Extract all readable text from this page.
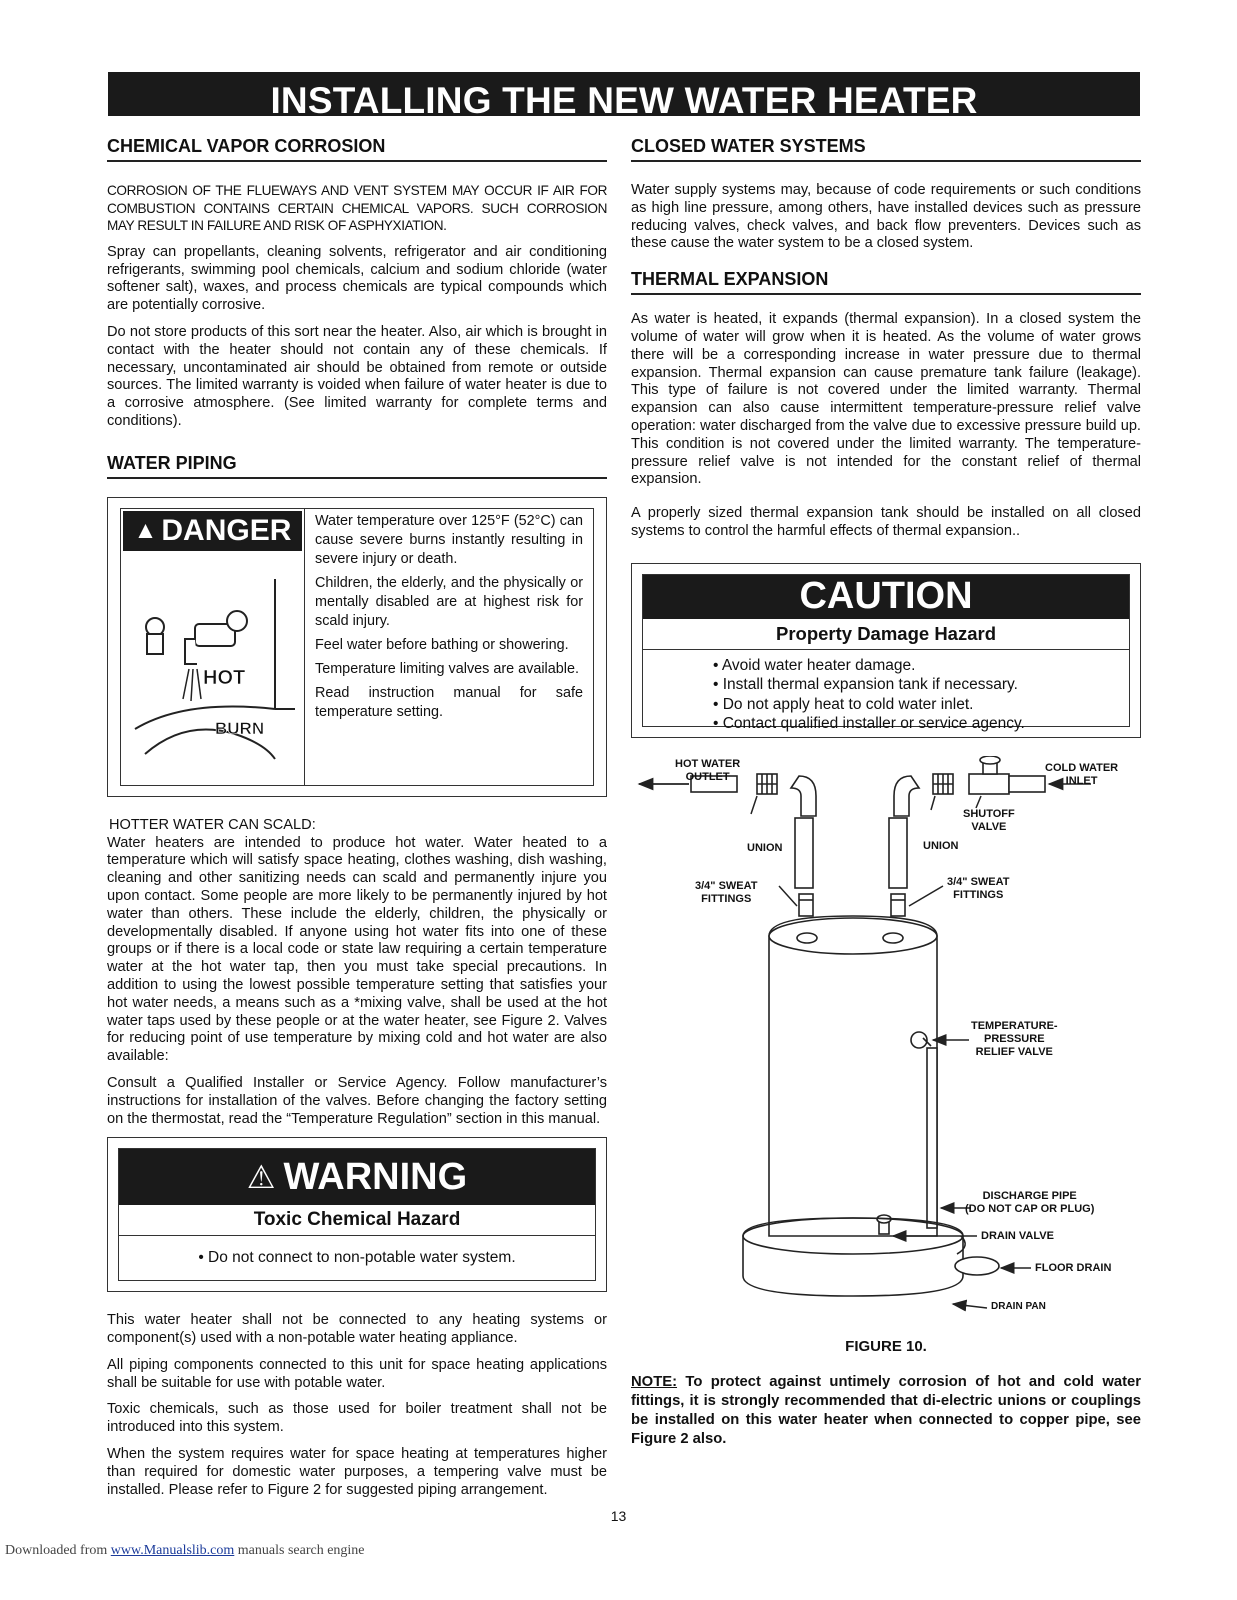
INSTALLING THE NEW WATER HEATER
CHEMICAL VAPOR CORROSION

CORROSION OF THE FLUEWAYS AND VENT SYSTEM MAY OCCUR IF AIR FOR COMBUSTION CONTAINS CERTAIN CHEMICAL VAPORS. SUCH CORROSION MAY RESULT IN FAILURE AND RISK OF ASPHYXIATION.

Spray can propellants, cleaning solvents, refrigerator and air conditioning refrigerants, swimming pool chemicals, calcium and sodium chloride (water softener salt), waxes, and process chemicals are typical compounds which are potentially corrosive.

Do not store products of this sort near the heater. Also, air which is brought in contact with the heater should not contain any of these chemicals. If necessary, uncontaminated air should be obtained from remote or outside sources. The limited warranty is voided when failure of water heater is due to a corrosive atmosphere. (See limited warranty for complete terms and conditions).

WATER PIPING
▲ DANGER
HOT
BURN

Water temperature over 125°F (52°C) can cause severe burns instantly resulting in severe injury or death.

Children, the elderly, and the physically or mentally disabled are at highest risk for scald injury.

Feel water before bathing or showering.

Temperature limiting valves are available.

Read instruction manual for safe temperature setting.

HOTTER WATER CAN SCALD:

Water heaters are intended to produce hot water. Water heated to a temperature which will satisfy space heating, clothes washing, dish washing, cleaning and other sanitizing needs can scald and permanently injure you upon contact. Some people are more likely to be permanently injured by hot water than others. These include the elderly, children, the physically or developmentally disabled. If anyone using hot water fits into one of these groups or if there is a local code or state law requiring a certain temperature water at the hot water tap, then you must take special precautions. In addition to using the lowest possible temperature setting that satisfies your hot water needs, a means such as a *mixing valve, shall be used at the hot water taps used by these people or at the water heater, see Figure 2. Valves for reducing point of use temperature by mixing cold and hot water are also available:

Consult a Qualified Installer or Service Agency. Follow manufacturer’s instructions for installation of the valves. Before changing the factory setting on the thermostat, read the “Temperature Regulation” section in this manual.

⚠ WARNING
Toxic Chemical Hazard
• Do not connect to non-potable water system.

This water heater shall not be connected to any heating systems or component(s) used with a non-potable water heating appliance.

All piping components connected to this unit for space heating applications shall be suitable for use with potable water.

Toxic chemicals, such as those used for boiler treatment shall not be introduced into this system.

When the system requires water for space heating at temperatures higher than required for domestic water purposes, a tempering valve must be installed. Please refer to Figure 2 for suggested piping arrangement.

CLOSED WATER SYSTEMS

Water supply systems may, because of code requirements or such conditions as high line pressure, among others, have installed devices such as pressure reducing valves, check valves, and back flow preventers. Devices such as these cause the water system to be a closed system.

THERMAL EXPANSION

As water is heated, it expands (thermal expansion). In a closed system the volume of water will grow when it is heated. As the volume of water grows there will be a corresponding increase in water pressure due to thermal expansion. Thermal expansion can cause premature tank failure (leakage). This type of failure is not covered under the limited warranty. Thermal expansion can also cause intermittent temperature-pressure relief valve operation: water discharged from the valve due to excessive pressure build up. This condition is not covered under the limited warranty. The temperature-pressure relief valve is not intended for the constant relief of thermal expansion.

A properly sized thermal expansion tank should be installed on all closed systems to control the harmful effects of thermal expansion..

CAUTION
Property Damage Hazard
• Avoid water heater damage.
• Install thermal expansion tank if necessary.
• Do not apply heat to cold water inlet.
• Contact qualified installer or service agency.
HOT WATER
OUTLET
COLD WATER
INLET
UNION	UNION
SHUTOFF
VALVE
3/4" SWEAT
FITTINGS
3/4" SWEAT
FITTINGS
TEMPERATURE-
PRESSURE
RELIEF VALVE
DISCHARGE PIPE
(DO NOT CAP OR PLUG)
DRAIN VALVE
FLOOR DRAIN
DRAIN PAN
FIGURE 10.
NOTE: To protect against untimely corrosion of hot and cold water fittings, it is strongly recommended that di-electric unions or couplings be installed on this water heater when connected to copper pipe, see Figure 2 also.
13
Downloaded from www.Manualslib.com manuals search engine
